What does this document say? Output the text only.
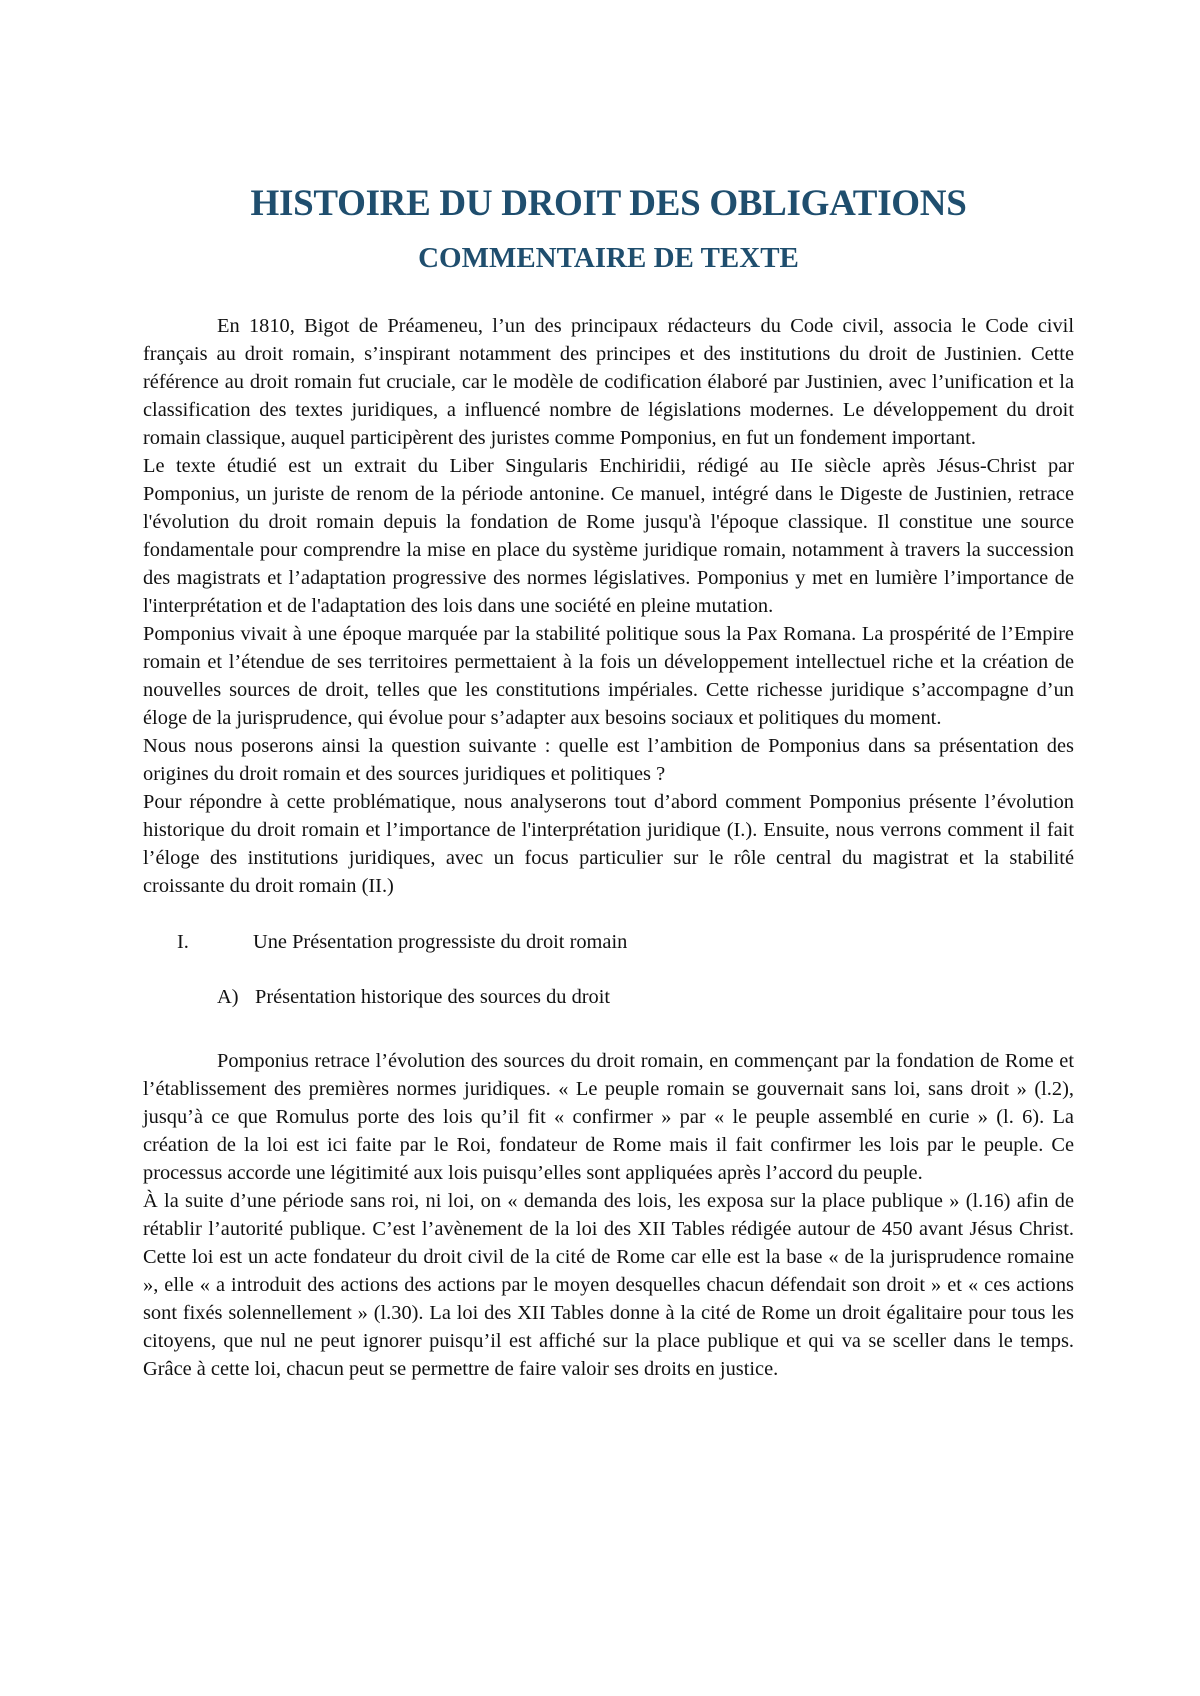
HISTOIRE DU DROIT DES OBLIGATIONS
COMMENTAIRE DE TEXTE

En 1810, Bigot de Préameneu, l’un des principaux rédacteurs du Code civil, associa le Code civil français au droit romain, s’inspirant notamment des principes et des institutions du droit de Justinien. Cette référence au droit romain fut cruciale, car le modèle de codification élaboré par Justinien, avec l’unification et la classification des textes juridiques, a influencé nombre de législations modernes. Le développement du droit romain classique, auquel participèrent des juristes comme Pomponius, en fut un fondement important.

Le texte étudié est un extrait du Liber Singularis Enchiridii, rédigé au IIe siècle après Jésus-Christ par Pomponius, un juriste de renom de la période antonine. Ce manuel, intégré dans le Digeste de Justinien, retrace l'évolution du droit romain depuis la fondation de Rome jusqu'à l'époque classique. Il constitue une source fondamentale pour comprendre la mise en place du système juridique romain, notamment à travers la succession des magistrats et l’adaptation progressive des normes législatives. Pomponius y met en lumière l’importance de l'interprétation et de l'adaptation des lois dans une société en pleine mutation.

Pomponius vivait à une époque marquée par la stabilité politique sous la Pax Romana. La prospérité de l’Empire romain et l’étendue de ses territoires permettaient à la fois un développement intellectuel riche et la création de nouvelles sources de droit, telles que les constitutions impériales. Cette richesse juridique s’accompagne d’un éloge de la jurisprudence, qui évolue pour s’adapter aux besoins sociaux et politiques du moment.

Nous nous poserons ainsi la question suivante : quelle est l’ambition de Pomponius dans sa présentation des origines du droit romain et des sources juridiques et politiques ?

Pour répondre à cette problématique, nous analyserons tout d’abord comment Pomponius présente l’évolution historique du droit romain et l’importance de l'interprétation juridique (I.). Ensuite, nous verrons comment il fait l’éloge des institutions juridiques, avec un focus particulier sur le rôle central du magistrat et la stabilité croissante du droit romain (II.)

I.	Une Présentation progressiste du droit romain
A) Présentation historique des sources du droit

Pomponius retrace l’évolution des sources du droit romain, en commençant par la fondation de Rome et l’établissement des premières normes juridiques. « Le peuple romain se gouvernait sans loi, sans droit » (l.2), jusqu’à ce que Romulus porte des lois qu’il fit « confirmer » par « le peuple assemblé en curie » (l. 6). La création de la loi est ici faite par le Roi, fondateur de Rome mais il fait confirmer les lois par le peuple. Ce processus accorde une légitimité aux lois puisqu’elles sont appliquées après l’accord du peuple.

À la suite d’une période sans roi, ni loi, on « demanda des lois, les exposa sur la place publique » (l.16) afin de rétablir l’autorité publique. C’est l’avènement de la loi des XII Tables rédigée autour de 450 avant Jésus Christ. Cette loi est un acte fondateur du droit civil de la cité de Rome car elle est la base « de la jurisprudence romaine », elle « a introduit des actions des actions par le moyen desquelles chacun défendait son droit » et « ces actions sont fixés solennellement » (l.30). La loi des XII Tables donne à la cité de Rome un droit égalitaire pour tous les citoyens, que nul ne peut ignorer puisqu’il est affiché sur la place publique et qui va se sceller dans le temps. Grâce à cette loi, chacun peut se permettre de faire valoir ses droits en justice.
